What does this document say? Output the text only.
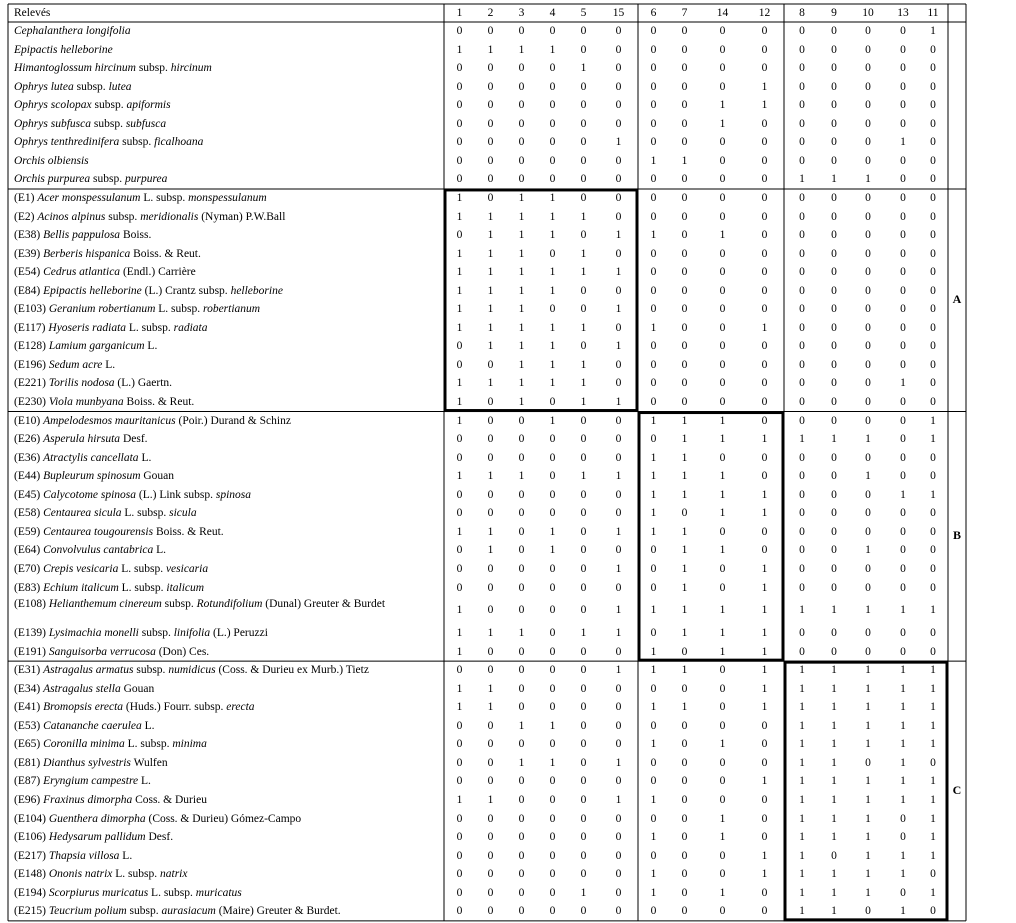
Relevés	1	2	3	4	5	15	6	7	14	12	8	9	10	13	11
Cephalanthera longifolia	0	0	0	0	0	0	0	0	0	0	0	0	0	0	1
Epipactis helleborine	1	1	1	1	0	0	0	0	0	0	0	0	0	0	0
Himantoglossum hircinum subsp. hircinum	0	0	0	0	1	0	0	0	0	0	0	0	0	0	0
Ophrys lutea subsp. lutea	0	0	0	0	0	0	0	0	0	1	0	0	0	0	0
Ophrys scolopax subsp. apiformis	0	0	0	0	0	0	0	0	1	1	0	0	0	0	0
Ophrys subfusca subsp. subfusca	0	0	0	0	0	0	0	0	1	0	0	0	0	0	0
Ophrys tenthredinifera subsp. ficalhoana	0	0	0	0	0	1	0	0	0	0	0	0	0	1	0
Orchis olbiensis	0	0	0	0	0	0	1	1	0	0	0	0	0	0	0
Orchis purpurea subsp. purpurea	0	0	0	0	0	0	0	0	0	0	1	1	1	0	0
(E1) Acer monspessulanum L. subsp. monspessulanum	1	0	1	1	0	0	0	0	0	0	0	0	0	0	0
(E2) Acinos alpinus subsp. meridionalis (Nyman) P.W.Ball	1	1	1	1	1	0	0	0	0	0	0	0	0	0	0
(E38) Bellis pappulosa Boiss.	0	1	1	1	0	1	1	0	1	0	0	0	0	0	0
(E39) Berberis hispanica Boiss. & Reut.	1	1	1	0	1	0	0	0	0	0	0	0	0	0	0
(E54) Cedrus atlantica (Endl.) Carrière	1	1	1	1	1	1	0	0	0	0	0	0	0	0	0
(E84) Epipactis helleborine (L.) Crantz subsp. helleborine	1	1	1	1	0	0	0	0	0	0	0	0	0	0	0
(E103) Geranium robertianum L. subsp. robertianum	1	1	1	0	0	1	0	0	0	0	0	0	0	0	0
(E117) Hyoseris radiata L. subsp. radiata	1	1	1	1	1	0	1	0	0	1	0	0	0	0	0
(E128) Lamium garganicum L.	0	1	1	1	0	1	0	0	0	0	0	0	0	0	0
(E196) Sedum acre L.	0	0	1	1	1	0	0	0	0	0	0	0	0	0	0
(E221) Torilis nodosa (L.) Gaertn.	1	1	1	1	1	0	0	0	0	0	0	0	0	1	0
(E230) Viola munbyana Boiss. & Reut.	1	0	1	0	1	1	0	0	0	0	0	0	0	0	0
(E10) Ampelodesmos mauritanicus (Poir.) Durand & Schinz	1	0	0	1	0	0	1	1	1	0	0	0	0	0	1
(E26) Asperula hirsuta Desf.	0	0	0	0	0	0	0	1	1	1	1	1	1	0	1
(E36) Atractylis cancellata L.	0	0	0	0	0	0	1	1	0	0	0	0	0	0	0
(E44) Bupleurum spinosum Gouan	1	1	1	0	1	1	1	1	1	0	0	0	1	0	0
(E45) Calycotome spinosa (L.) Link subsp. spinosa	0	0	0	0	0	0	1	1	1	1	0	0	0	1	1
(E58) Centaurea sicula L. subsp. sicula	0	0	0	0	0	0	1	0	1	1	0	0	0	0	0
(E59) Centaurea tougourensis Boiss. & Reut.	1	1	0	1	0	1	1	1	0	0	0	0	0	0	0
(E64) Convolvulus cantabrica L.	0	1	0	1	0	0	0	1	1	0	0	0	1	0	0
(E70) Crepis vesicaria L. subsp. vesicaria	0	0	0	0	0	1	0	1	0	1	0	0	0	0	0
(E83) Echium italicum L. subsp. italicum	0	0	0	0	0	0	0	1	0	1	0	0	0	0	0
(E108) Helianthemum cinereum subsp. Rotundifolium (Dunal) Greuter & Burdet	1	0	0	0	0	1	1	1	1	1	1	1	1	1	1
(E139) Lysimachia monelli subsp. linifolia (L.) Peruzzi	1	1	1	0	1	1	0	1	1	1	0	0	0	0	0
(E191) Sanguisorba verrucosa (Don) Ces.	1	0	0	0	0	0	1	0	1	1	0	0	0	0	0
(E31) Astragalus armatus subsp. numidicus (Coss. & Durieu ex Murb.) Tietz	0	0	0	0	0	1	1	1	0	1	1	1	1	1	1
(E34) Astragalus stella Gouan	1	1	0	0	0	0	0	0	0	1	1	1	1	1	1
(E41) Bromopsis erecta (Huds.) Fourr. subsp. erecta	1	1	0	0	0	0	1	1	0	1	1	1	1	1	1
(E53) Catananche caerulea L.	0	0	1	1	0	0	0	0	0	0	1	1	1	1	1
(E65) Coronilla minima L. subsp. minima	0	0	0	0	0	0	1	0	1	0	1	1	1	1	1
(E81) Dianthus sylvestris Wulfen	0	0	1	1	0	1	0	0	0	0	1	1	0	1	0
(E87) Eryngium campestre L.	0	0	0	0	0	0	0	0	0	1	1	1	1	1	1
(E96) Fraxinus dimorpha Coss. & Durieu	1	1	0	0	0	1	1	0	0	0	1	1	1	1	1
(E104) Guenthera dimorpha (Coss. & Durieu) Gómez-Campo	0	0	0	0	0	0	0	0	1	0	1	1	1	0	1
(E106) Hedysarum pallidum Desf.	0	0	0	0	0	0	1	0	1	0	1	1	1	0	1
(E217) Thapsia villosa L.	0	0	0	0	0	0	0	0	0	1	1	0	1	1	1
(E148) Ononis natrix L. subsp. natrix	0	0	0	0	0	0	1	0	0	1	1	1	1	1	0
(E194) Scorpiurus muricatus L. subsp. muricatus	0	0	0	0	1	0	1	0	1	0	1	1	1	0	1
(E215) Teucrium polium subsp. aurasiacum (Maire) Greuter & Burdet.	0	0	0	0	0	0	0	0	0	0	1	1	0	1	0
A
B
C
